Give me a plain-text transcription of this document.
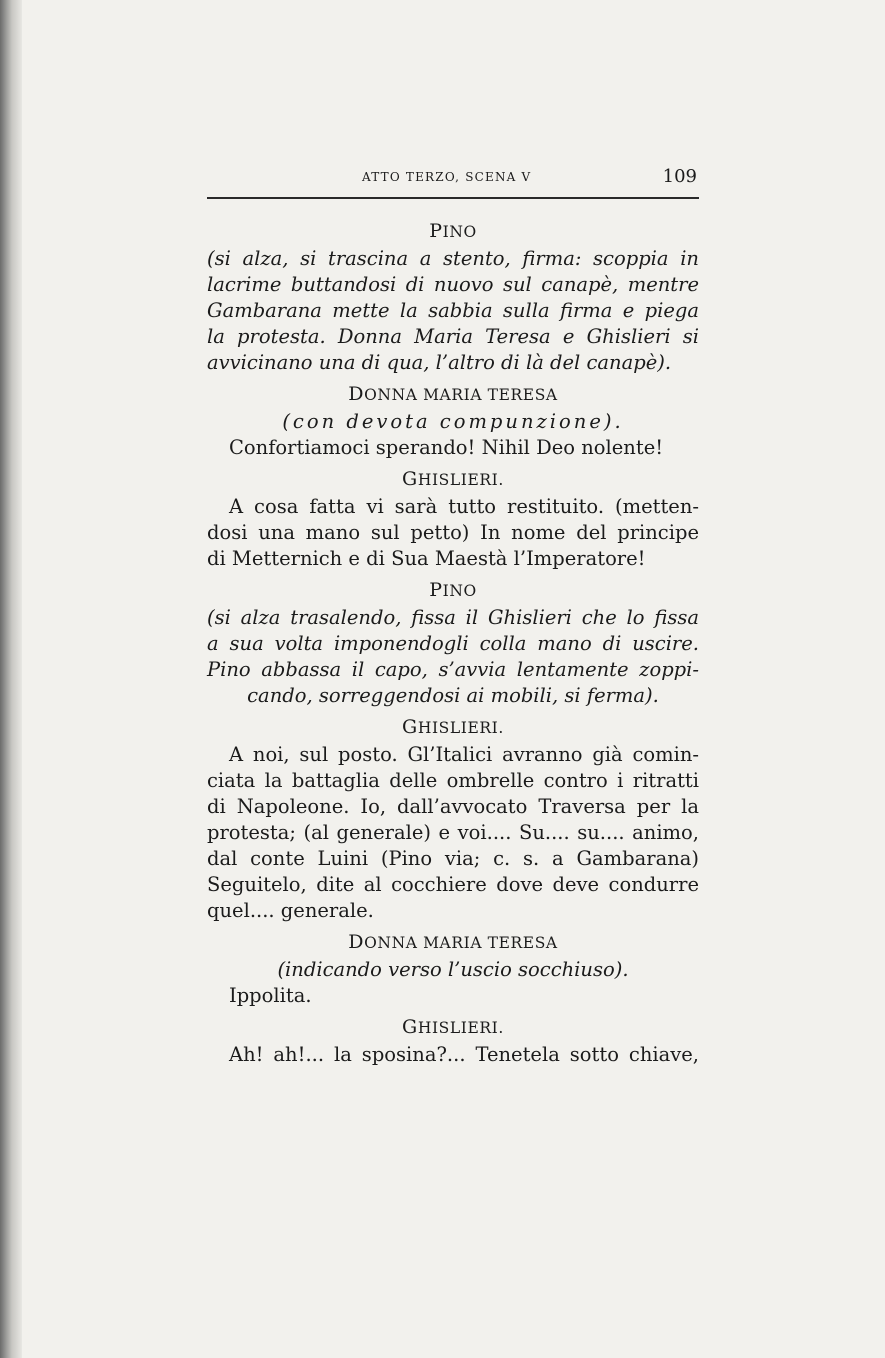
ATTO TERZO, SCENA V	109
PINO
(si alza, si trascina a stento, firma: scoppia in
lacrime buttandosi di nuovo sul canapè, mentre
Gambarana mette la sabbia sulla firma e piega
la protesta. Donna Maria Teresa e Ghislieri si
avvicinano una di qua, l’altro di là del canapè).
DONNA MARIA TERESA
(con devota compunzione).
Confortiamoci sperando! Nihil Deo nolente!
GHISLIERI.
A cosa fatta vi sarà tutto restituito. (metten-
dosi una mano sul petto) In nome del principe
di Metternich e di Sua Maestà l’Imperatore!
PINO
(si alza trasalendo, fissa il Ghislieri che lo fissa
a sua volta imponendogli colla mano di uscire.
Pino abbassa il capo, s’avvia lentamente zoppi-
cando, sorreggendosi ai mobili, si ferma).
GHISLIERI.
A noi, sul posto. Gl’Italici avranno già comin-
ciata la battaglia delle ombrelle contro i ritratti
di Napoleone. Io, dall’avvocato Traversa per la
protesta; (al generale) e voi.... Su.... su.... animo,
dal conte Luini (Pino via; c. s. a Gambarana)
Seguitelo, dite al cocchiere dove deve condurre
quel.... generale.
DONNA MARIA TERESA
(indicando verso l’uscio socchiuso).
Ippolita.
GHISLIERI.
Ah! ah!... la sposina?... Tenetela sotto chiave,
